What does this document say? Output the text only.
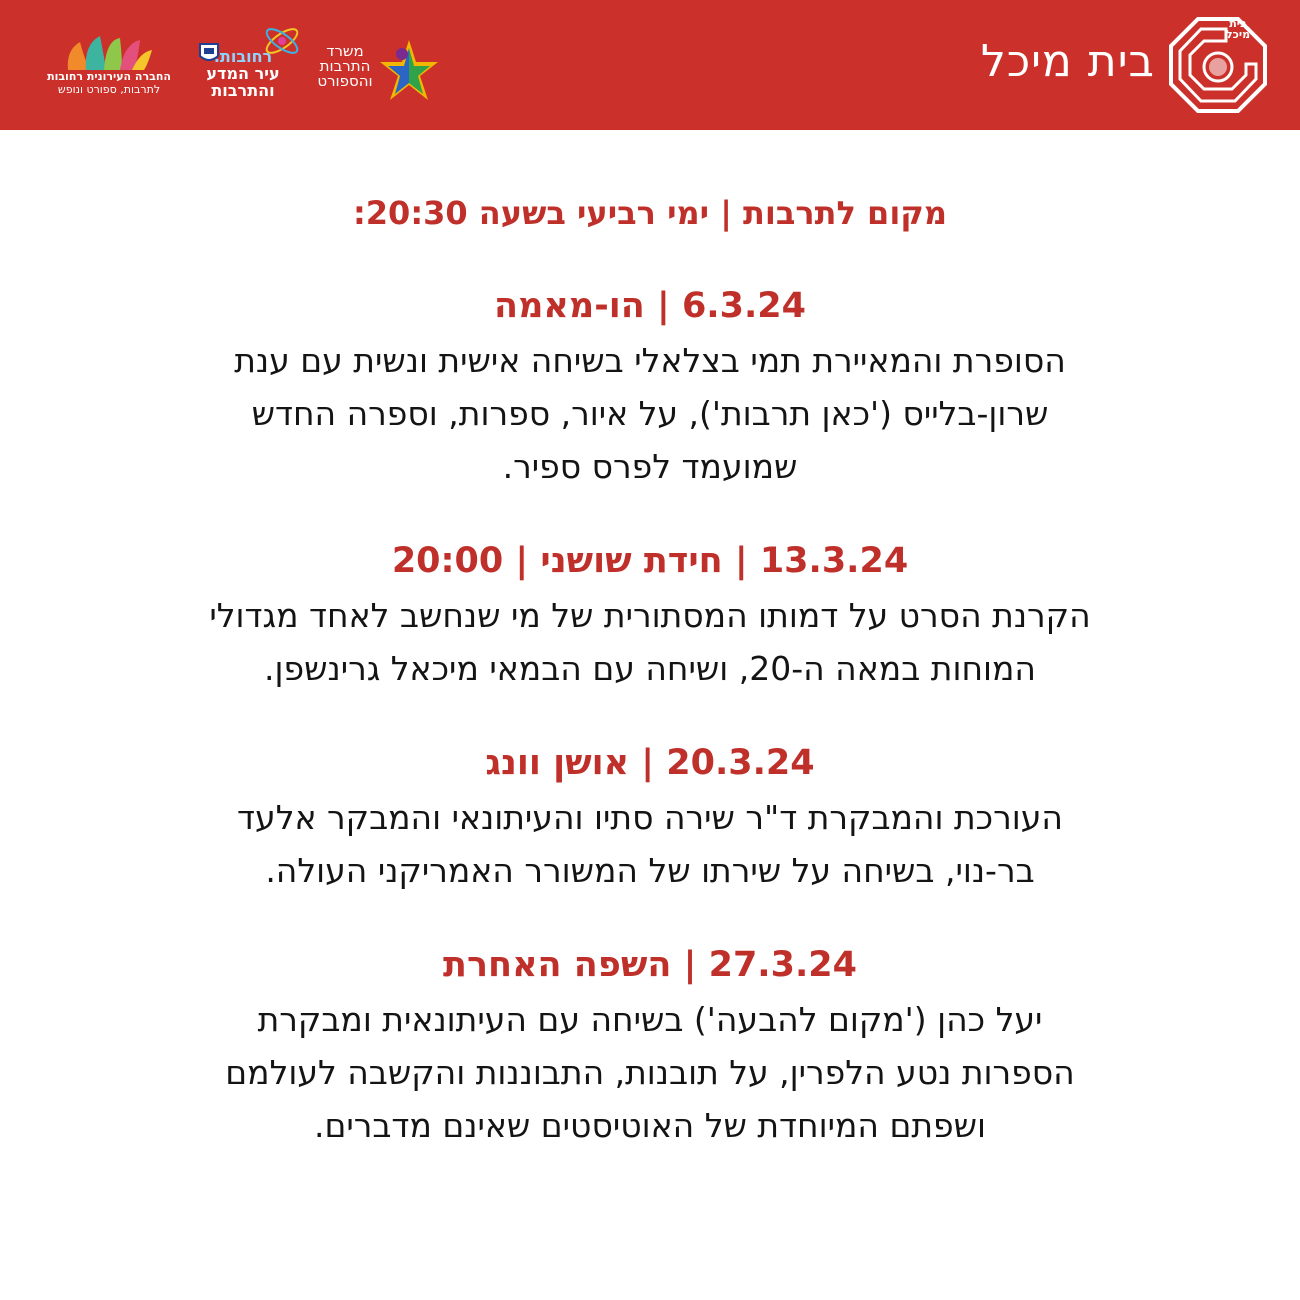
בית מיכל
בית מיכל
משרד
התרבות
והספורט
רחובות.
עיר המדע
והתרבות
החברה העירונית רחובות
לתרבות, ספורט ונופש

מקום לתרבות | ימי רביעי בשעה 20:30:

6.3.24 | הו-מאמה

הסופרת והמאיירת תמי בצלאלי בשיחה אישית ונשית עם ענת
שרון-בלייס ('כאן תרבות'), על איור, ספרות, וספרה החדש
שמועמד לפרס ספיר.

13.3.24 | חידת שושני | 20:00

הקרנת הסרט על דמותו המסתורית של מי שנחשב לאחד מגדולי
המוחות במאה ה-20, ושיחה עם הבמאי מיכאל גרינשפן.

20.3.24 | אושן וונג

העורכת והמבקרת ד"ר שירה סתיו והעיתונאי והמבקר אלעד
בר-נוי, בשיחה על שירתו של המשורר האמריקני העולה.

27.3.24 | השפה האחרת

יעל כהן ('מקום להבעה') בשיחה עם העיתונאית ומבקרת
הספרות נטע הלפרין, על תובנות, התבוננות והקשבה לעולמם
ושפתם המיוחדת של האוטיסטים שאינם מדברים.
